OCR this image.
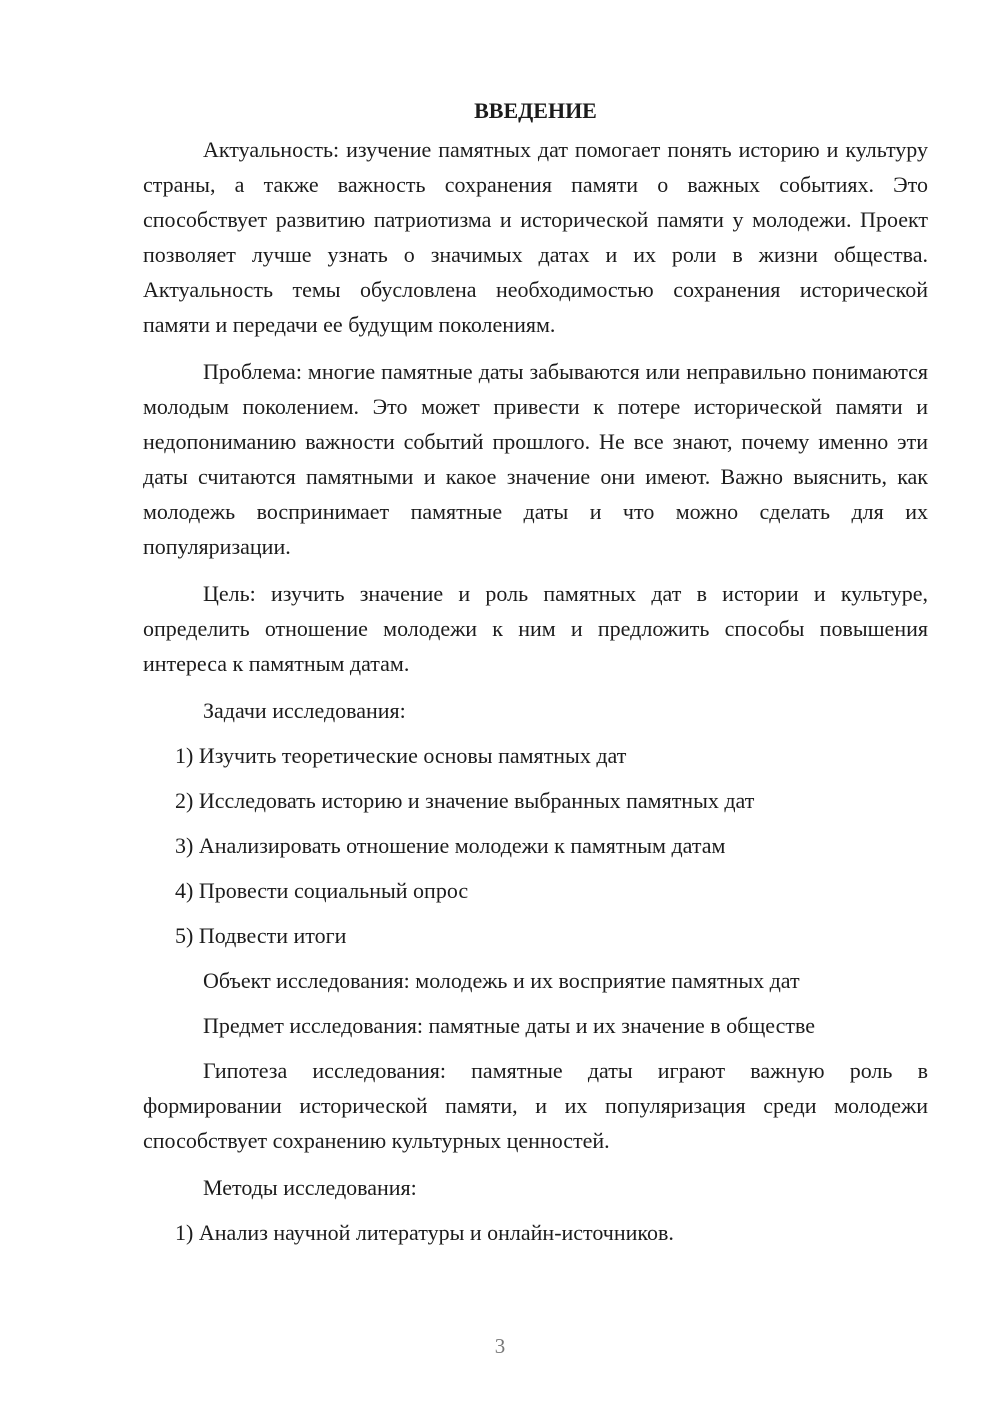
ВВЕДЕНИЕ

Актуальность: изучение памятных дат помогает понять историю и культуру страны, а также важность сохранения памяти о важных событиях. Это способствует развитию патриотизма и исторической памяти у молодежи. Проект позволяет лучше узнать о значимых датах и их роли в жизни общества. Актуальность темы обусловлена необходимостью сохранения исторической памяти и передачи ее будущим поколениям.

Проблема: многие памятные даты забываются или неправильно понимаются молодым поколением. Это может привести к потере исторической памяти и недопониманию важности событий прошлого. Не все знают, почему именно эти даты считаются памятными и какое значение они имеют. Важно выяснить, как молодежь воспринимает памятные даты и что можно сделать для их популяризации.

Цель: изучить значение и роль памятных дат в истории и культуре, определить отношение молодежи к ним и предложить способы повышения интереса к памятным датам.

Задачи исследования:
1) Изучить теоретические основы памятных дат
2) Исследовать историю и значение выбранных памятных дат
3) Анализировать отношение молодежи к памятным датам
4) Провести социальный опрос
5) Подвести итоги
Объект исследования: молодежь и их восприятие памятных дат
Предмет исследования: памятные даты и их значение в обществе

Гипотеза исследования: памятные даты играют важную роль в формировании исторической памяти, и их популяризация среди молодежи способствует сохранению культурных ценностей.

Методы исследования:
1) Анализ научной литературы и онлайн-источников.
3
